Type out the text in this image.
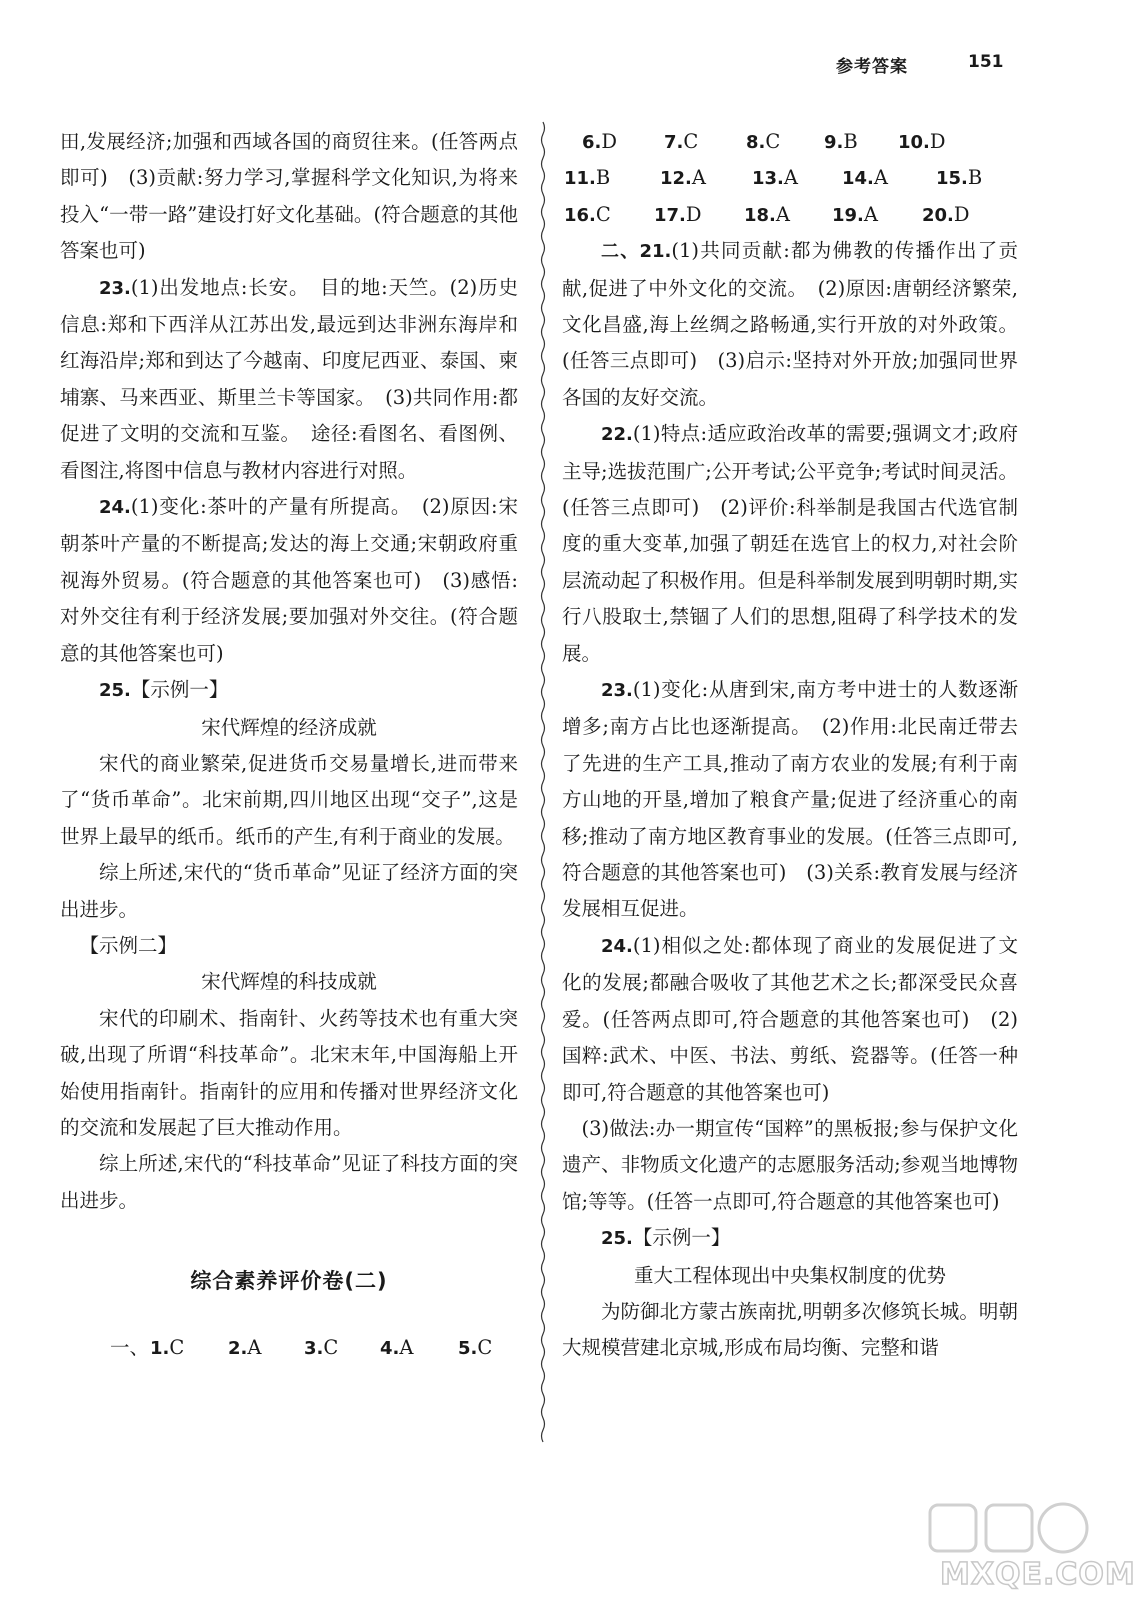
参考答案	151

田,发展经济;加强和西域各国的商贸往来。(任答两点即可)　(3)贡献:努力学习,掌握科学文化知识,为将来投入“一带一路”建设打好文化基础。(符合题意的其他答案也可)

23.(1)出发地点:长安。　目的地:天竺。(2)历史信息:郑和下西洋从江苏出发,最远到达非洲东海岸和红海沿岸;郑和到达了今越南、印度尼西亚、泰国、柬埔寨、马来西亚、斯里兰卡等国家。　(3)共同作用:都促进了文明的交流和互鉴。　途径:看图名、看图例、看图注,将图中信息与教材内容进行对照。

24.(1)变化:茶叶的产量有所提高。　(2)原因:宋朝茶叶产量的不断提高;发达的海上交通;宋朝政府重视海外贸易。(符合题意的其他答案也可)　(3)感悟:对外交往有利于经济发展;要加强对外交往。(符合题意的其他答案也可)

25.【示例一】

宋代辉煌的经济成就

宋代的商业繁荣,促进货币交易量增长,进而带来了“货币革命”。北宋前期,四川地区出现“交子”,这是世界上最早的纸币。纸币的产生,有利于商业的发展。

综上所述,宋代的“货币革命”见证了经济方面的突出进步。

【示例二】

宋代辉煌的科技成就

宋代的印刷术、指南针、火药等技术也有重大突破,出现了所谓“科技革命”。北宋末年,中国海船上开始使用指南针。指南针的应用和传播对世界经济文化的交流和发展起了巨大推动作用。

综上所述,宋代的“科技革命”见证了科技方面的突出进步。

综合素养评价卷(二)
一、 1.C	2.A	3.C	4.A	5.C
6.D	7.C	8.C	9.B	10.D
11.B	12.A	13.A	14.A	15.B
16.C	17.D	18.A	19.A	20.D

二、21.(1)共同贡献:都为佛教的传播作出了贡献,促进了中外文化的交流。　(2)原因:唐朝经济繁荣,文化昌盛,海上丝绸之路畅通,实行开放的对外政策。(任答三点即可)　(3)启示:坚持对外开放;加强同世界各国的友好交流。

22.(1)特点:适应政治改革的需要;强调文才;政府主导;选拔范围广;公开考试;公平竞争;考试时间灵活。(任答三点即可)　(2)评价:科举制是我国古代选官制度的重大变革,加强了朝廷在选官上的权力,对社会阶层流动起了积极作用。但是科举制发展到明朝时期,实行八股取士,禁锢了人们的思想,阻碍了科学技术的发展。

23.(1)变化:从唐到宋,南方考中进士的人数逐渐增多;南方占比也逐渐提高。　(2)作用:北民南迁带去了先进的生产工具,推动了南方农业的发展;有利于南方山地的开垦,增加了粮食产量;促进了经济重心的南移;推动了南方地区教育事业的发展。(任答三点即可,符合题意的其他答案也可)　(3)关系:教育发展与经济发展相互促进。

24.(1)相似之处:都体现了商业的发展促进了文化的发展;都融合吸收了其他艺术之长;都深受民众喜爱。(任答两点即可,符合题意的其他答案也可)　(2)国粹:武术、中医、书法、剪纸、瓷器等。(任答一种即可,符合题意的其他答案也可)

(3)做法:办一期宣传“国粹”的黑板报;参与保护文化遗产、非物质文化遗产的志愿服务活动;参观当地博物馆;等等。(任答一点即可,符合题意的其他答案也可)

25.【示例一】

重大工程体现出中央集权制度的优势

为防御北方蒙古族南扰,明朝多次修筑长城。明朝大规模营建北京城,形成布局均衡、完整和谐

MXQE.COM
